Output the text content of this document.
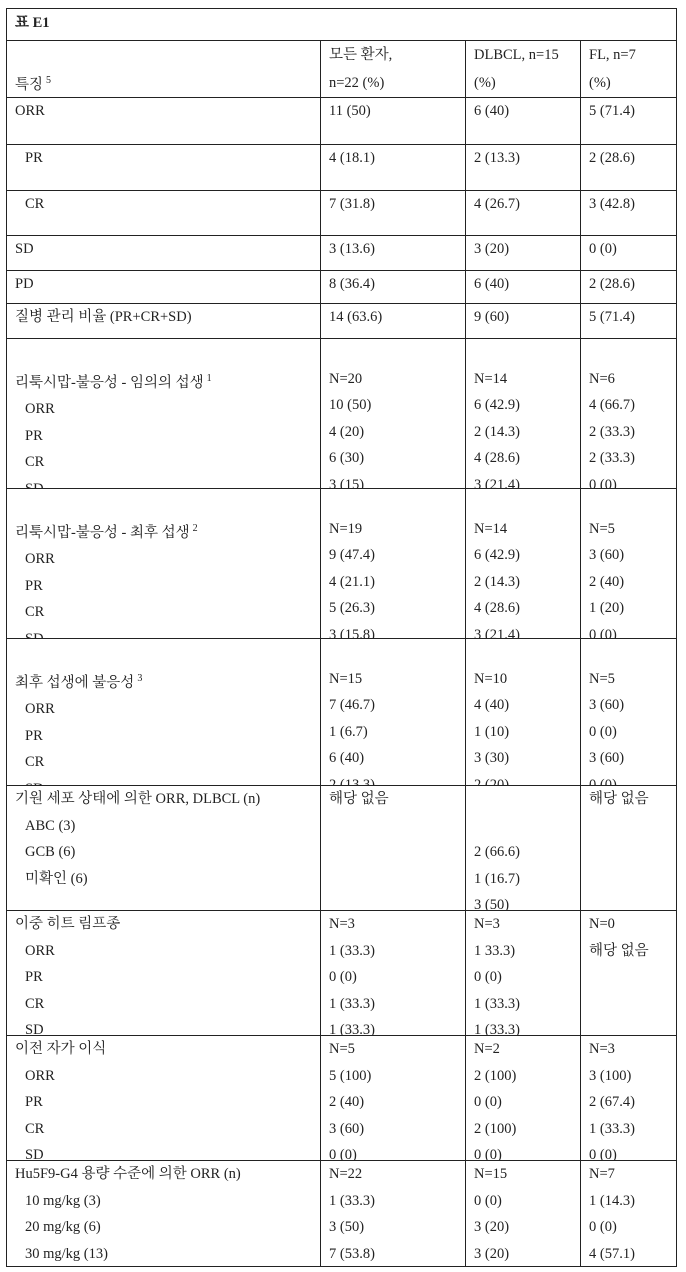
표 E1
특징 5
모든 환자,
n=22 (%)
DLBCL, n=15
(%)
FL, n=7
(%)
ORR	11 (50)	6 (40)	5 (71.4)
PR	4 (18.1)	2 (13.3)	2 (28.6)
CR	7 (31.8)	4 (26.7)	3 (42.8)
SD	3 (13.6)	3 (20)	0 (0)
PD	8 (36.4)	6 (40)	2 (28.6)
질병 관리 비율 (PR+CR+SD)	14 (63.6)	9 (60)	5 (71.4)

리툭시맙-불응성 - 임의의 섭생 1
ORR
PR
CR

N=20
10 (50)
4 (20)
6 (30)
3 (15)

N=14
6 (42.9)
2 (14.3)
4 (28.6)
3 (21.4)

N=6
4 (66.7)
2 (33.3)
2 (33.3)
0 (0)

리툭시맙-불응성 - 최후 섭생 2
ORR
PR
CR

N=19
9 (47.4)
4 (21.1)
5 (26.3)
3 (15.8)

N=14
6 (42.9)
2 (14.3)
4 (28.6)
3 (21.4)

N=5
3 (60)
2 (40)
1 (20)
0 (0)

최후 섭생에 불응성 3
ORR
PR
CR

N=15
7 (46.7)
1 (6.7)
6 (40)
2 (13.3)

N=10
4 (40)
1 (10)
3 (30)
2 (20)

N=5
3 (60)
0 (0)
3 (60)
0 (0)
기원 세포 상태에 의한 ORR, DLBCL (n)
ABC (3)
GCB (6)
미확인 (6)
해당 없음

2 (66.6)
1 (16.7)
3 (50)
해당 없음
이중 히트 림프종
ORR
PR
CR
SD
N=3
1 (33.3)
0 (0)
1 (33.3)
1 (33.3)
N=3
1 33.3)
0 (0)
1 (33.3)
1 (33.3)
N=0
해당 없음
이전 자가 이식
ORR
PR
CR
SD
N=5
5 (100)
2 (40)
3 (60)
0 (0)
N=2
2 (100)
0 (0)
2 (100)
0 (0)
N=3
3 (100)
2 (67.4)
1 (33.3)
0 (0)
Hu5F9-G4 용량 수준에 의한 ORR (n)
10 mg/kg (3)
20 mg/kg (6)
30 mg/kg (13)
N=22
1 (33.3)
3 (50)
7 (53.8)
N=15
0 (0)
3 (20)
3 (20)
N=7
1 (14.3)
0 (0)
4 (57.1)
